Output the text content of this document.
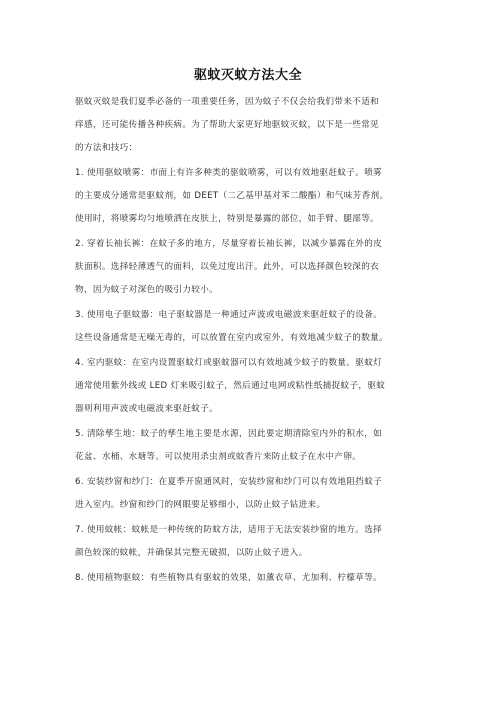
驱蚊灭蚊方法大全
驱蚊灭蚊是我们夏季必备的一项重要任务，因为蚊子不仅会给我们带来不适和
痒感，还可能传播各种疾病。为了帮助大家更好地驱蚊灭蚊，以下是一些常见
的方法和技巧：
1. 使用驱蚊喷雾：市面上有许多种类的驱蚊喷雾，可以有效地驱赶蚊子。喷雾
的主要成分通常是驱蚊剂，如 DEET（二乙基甲基对苯二酸酯）和气味芳香剂。
使用时，将喷雾均匀地喷洒在皮肤上，特别是暴露的部位，如手臂、腿部等。
2. 穿着长袖长裤：在蚊子多的地方，尽量穿着长袖长裤，以减少暴露在外的皮
肤面积。选择轻薄透气的面料，以免过度出汗。此外，可以选择颜色较深的衣
物，因为蚊子对深色的吸引力较小。
3. 使用电子驱蚊器：电子驱蚊器是一种通过声波或电磁波来驱赶蚊子的设备。
这些设备通常是无噪无毒的，可以放置在室内或室外，有效地减少蚊子的数量。
4. 室内驱蚊：在室内设置驱蚊灯或驱蚊器可以有效地减少蚊子的数量。驱蚊灯
通常使用紫外线或 LED 灯来吸引蚊子，然后通过电网或粘性纸捕捉蚊子，驱蚊
器则利用声波或电磁波来驱赶蚊子。
5. 清除孳生地：蚊子的孳生地主要是水源，因此要定期清除室内外的积水，如
花盆、水桶、水塘等。可以使用杀虫剂或蚊香片来防止蚊子在水中产卵。
6. 安装纱窗和纱门：在夏季开窗通风时，安装纱窗和纱门可以有效地阻挡蚊子
进入室内。纱窗和纱门的网眼要足够细小，以防止蚊子钻进来。
7. 使用蚊帐：蚊帐是一种传统的防蚊方法，适用于无法安装纱窗的地方。选择
颜色较深的蚊帐，并确保其完整无破损，以防止蚊子进入。
8. 使用植物驱蚊：有些植物具有驱蚊的效果，如薰衣草、尤加利、柠檬草等。
